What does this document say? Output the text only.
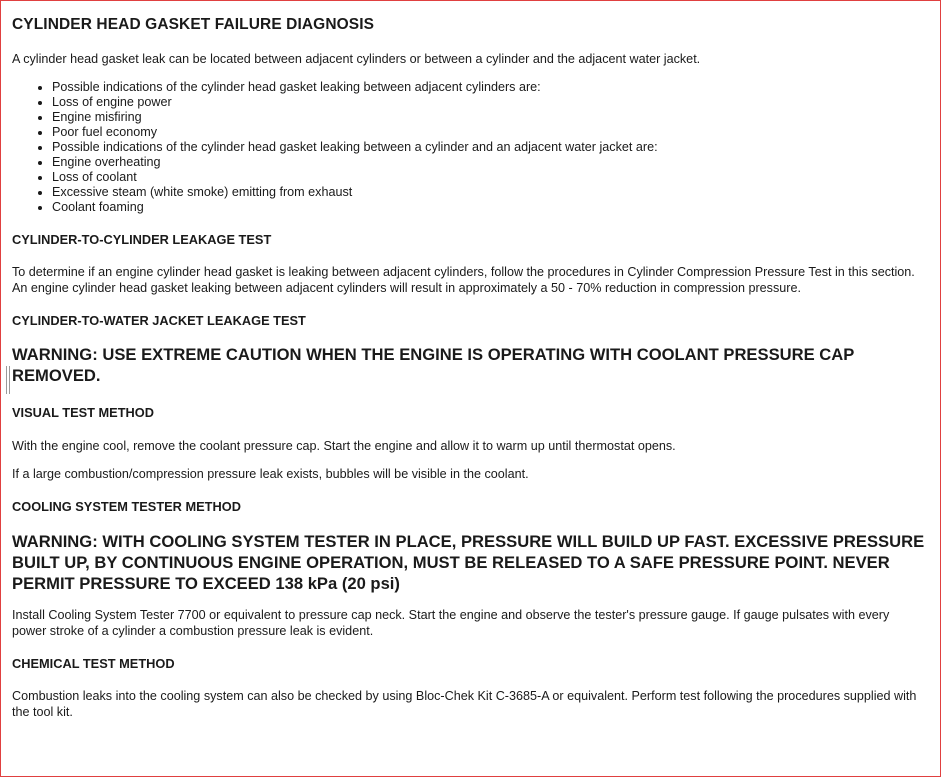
CYLINDER HEAD GASKET FAILURE DIAGNOSIS

A cylinder head gasket leak can be located between adjacent cylinders or between a cylinder and the adjacent water jacket.

• Possible indications of the cylinder head gasket leaking between adjacent cylinders are:
• Loss of engine power
• Engine misfiring
• Poor fuel economy
• Possible indications of the cylinder head gasket leaking between a cylinder and an adjacent water jacket are:
• Engine overheating
• Loss of coolant
• Excessive steam (white smoke) emitting from exhaust
• Coolant foaming
CYLINDER-TO-CYLINDER LEAKAGE TEST

To determine if an engine cylinder head gasket is leaking between adjacent cylinders, follow the procedures in Cylinder Compression Pressure Test in this section. An engine cylinder head gasket leaking between adjacent cylinders will result in approximately a 50 - 70% reduction in compression pressure.

CYLINDER-TO-WATER JACKET LEAKAGE TEST

WARNING: USE EXTREME CAUTION WHEN THE ENGINE IS OPERATING WITH COOLANT PRESSURE CAP REMOVED.

VISUAL TEST METHOD

With the engine cool, remove the coolant pressure cap. Start the engine and allow it to warm up until thermostat opens.

If a large combustion/compression pressure leak exists, bubbles will be visible in the coolant.

COOLING SYSTEM TESTER METHOD

WARNING: WITH COOLING SYSTEM TESTER IN PLACE, PRESSURE WILL BUILD UP FAST. EXCESSIVE PRESSURE BUILT UP, BY CONTINUOUS ENGINE OPERATION, MUST BE RELEASED TO A SAFE PRESSURE POINT. NEVER PERMIT PRESSURE TO EXCEED 138 kPa (20 psi)

Install Cooling System Tester 7700 or equivalent to pressure cap neck. Start the engine and observe the tester's pressure gauge. If gauge pulsates with every power stroke of a cylinder a combustion pressure leak is evident.

CHEMICAL TEST METHOD

Combustion leaks into the cooling system can also be checked by using Bloc-Chek Kit C-3685-A or equivalent. Perform test following the procedures supplied with the tool kit.
